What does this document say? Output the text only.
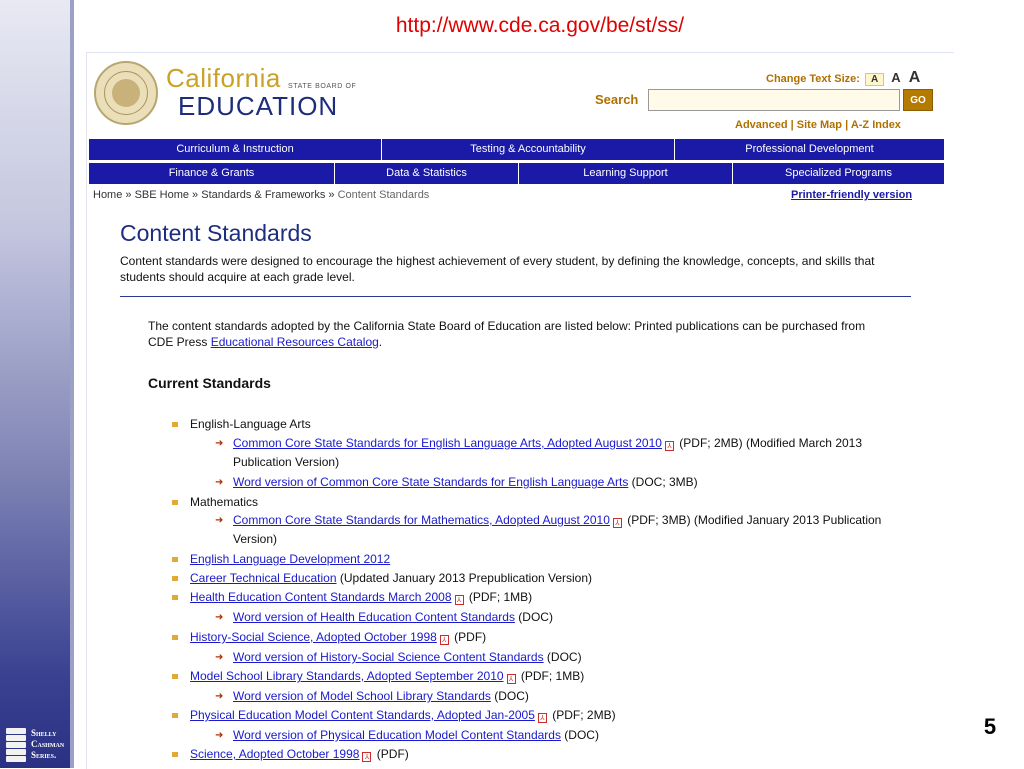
Shelly
Cashman
Series.
http://www.cde.ca.gov/be/st/ss/
5
California STATE BOARD OF
EDUCATION
Change Text Size: A A A
Search	GO
Advanced | Site Map | A-Z Index
Curriculum & Instruction	Testing & Accountability	Professional Development
Finance & Grants	Data & Statistics	Learning Support	Specialized Programs
Home » SBE Home » Standards & Frameworks » Content Standards	Printer-friendly version
Content Standards
Content standards were designed to encourage the highest achievement of every student, by defining the knowledge, concepts, and skills that students should acquire at each grade level.
The content standards adopted by the California State Board of Education are listed below: Printed publications can be purchased from CDE Press Educational Resources Catalog.
Current Standards
English-Language Arts
➜ Common Core State Standards for English Language Arts, Adopted August 2010 ⅄ (PDF; 2MB) (Modified March 2013 Publication Version)
➜ Word version of Common Core State Standards for English Language Arts (DOC; 3MB)
Mathematics
➜ Common Core State Standards for Mathematics, Adopted August 2010 ⅄ (PDF; 3MB) (Modified January 2013 Publication Version)
English Language Development 2012
Career Technical Education (Updated January 2013 Prepublication Version)
Health Education Content Standards March 2008 ⅄ (PDF; 1MB)
➜ Word version of Health Education Content Standards (DOC)
History-Social Science, Adopted October 1998 ⅄ (PDF)
➜ Word version of History-Social Science Content Standards (DOC)
Model School Library Standards, Adopted September 2010 ⅄ (PDF; 1MB)
➜ Word version of Model School Library Standards (DOC)
Physical Education Model Content Standards, Adopted Jan-2005 ⅄ (PDF; 2MB)
➜ Word version of Physical Education Model Content Standards (DOC)
Science, Adopted October 1998 ⅄ (PDF)
